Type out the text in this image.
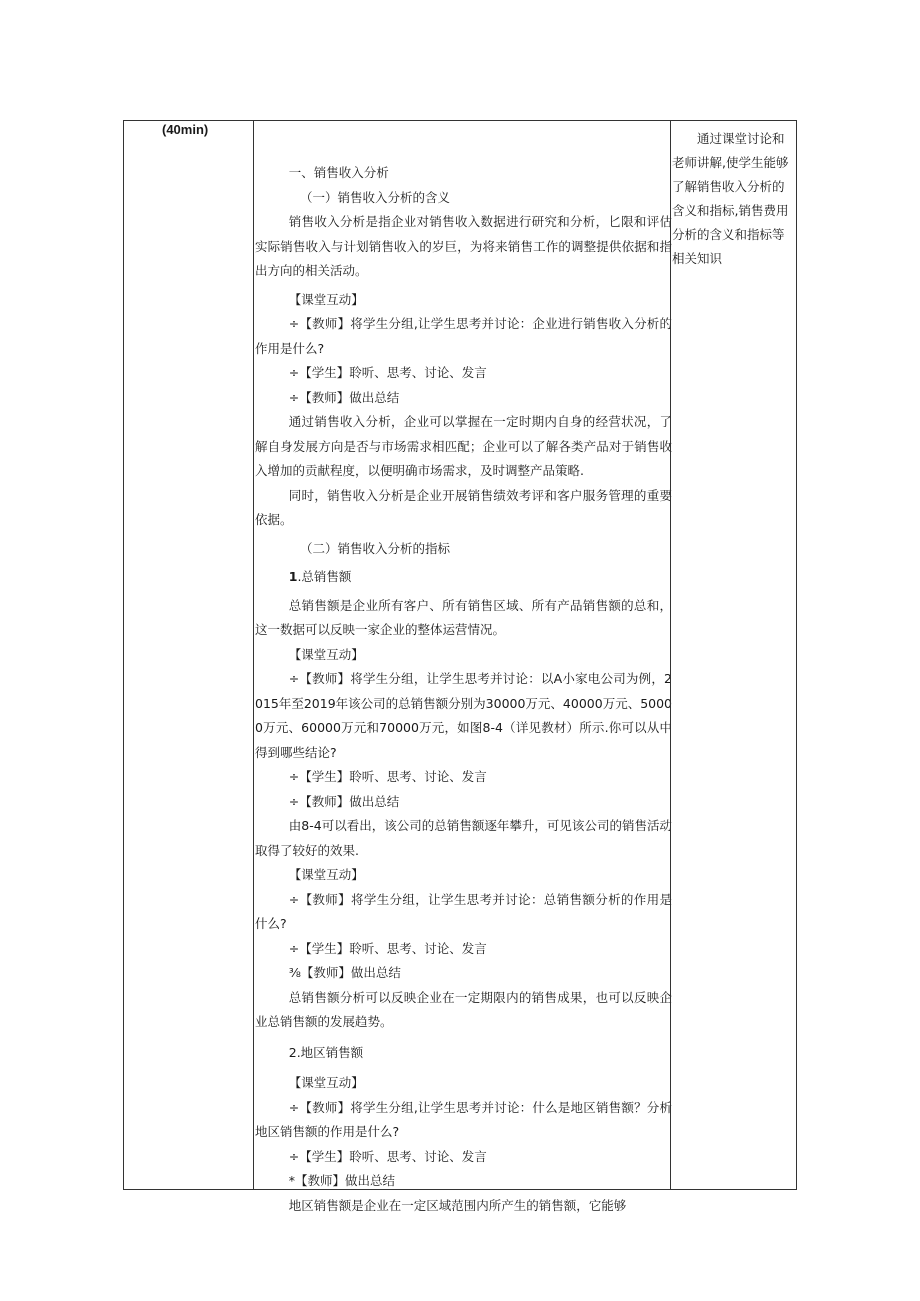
(40min)

一、销售收入分析

（一）销售收入分析的含义

销售收入分析是指企业对销售收入数据进行研究和分析，匕限和评估实际销售收入与计划销售收入的岁巨，为将来销售工作的调整提供依据和指出方向的相关活动。

【课堂互动】

÷【教师】将学生分组,让学生思考并讨论：企业进行销售收入分析的作用是什么?

÷【学生】聆听、思考、讨论、发言

÷【教师】做出总结

通过销售收入分析，企业可以掌握在一定时期内自身的经营状况，了解自身发展方向是否与市场需求相匹配；企业可以了解各类产品对于销售收入增加的贡献程度，以便明确市场需求，及时调整产品策略.

同时，销售收入分析是企业开展销售绩效考评和客户服务管理的重要依据。

（二）销售收入分析的指标

1.总销售额

总销售额是企业所有客户、所有销售区域、所有产品销售额的总和，这一数据可以反映一家企业的整体运营情况。

【课堂互动】

÷【教师】将学生分组，让学生思考并讨论：以A小家电公司为例，2015年至2019年该公司的总销售额分别为30000万元、40000万元、50000万元、60000万元和70000万元，如图8-4（详见教材）所示.你可以从中得到哪些结论?

÷【学生】聆听、思考、讨论、发言

÷【教师】做出总结

由8-4可以看出，该公司的总销售额逐年攀升，可见该公司的销售活动取得了较好的效果.

【课堂互动】

÷【教师】将学生分组，让学生思考并讨论：总销售额分析的作用是什么?

÷【学生】聆听、思考、讨论、发言

⅜【教师】做出总结

总销售额分析可以反映企业在一定期限内的销售成果，也可以反映企业总销售额的发展趋势。

2.地区销售额

【课堂互动】

÷【教师】将学生分组,让学生思考并讨论：什么是地区销售额？分析地区销售额的作用是什么?

÷【学生】聆听、思考、讨论、发言

*【教师】做出总结

地区销售额是企业在一定区域范围内所产生的销售额，它能够

通过课堂讨论和老师讲解,使学生能够了解销售收入分析的含义和指标,销售费用分析的含义和指标等相关知识
